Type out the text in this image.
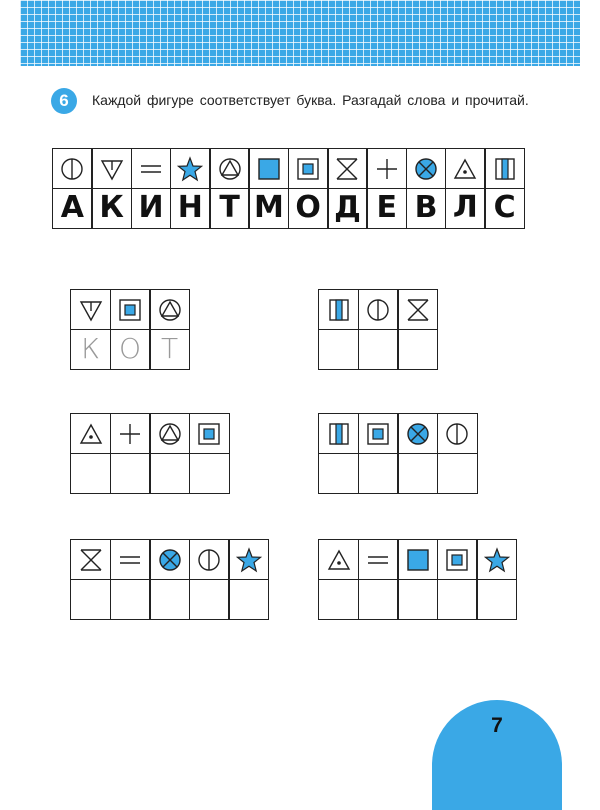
6	Каждой фигуре соответствует буква. Разгадай слова и прочитай.
А К И Н Т М О Д Е В Л С
К О Т
7
